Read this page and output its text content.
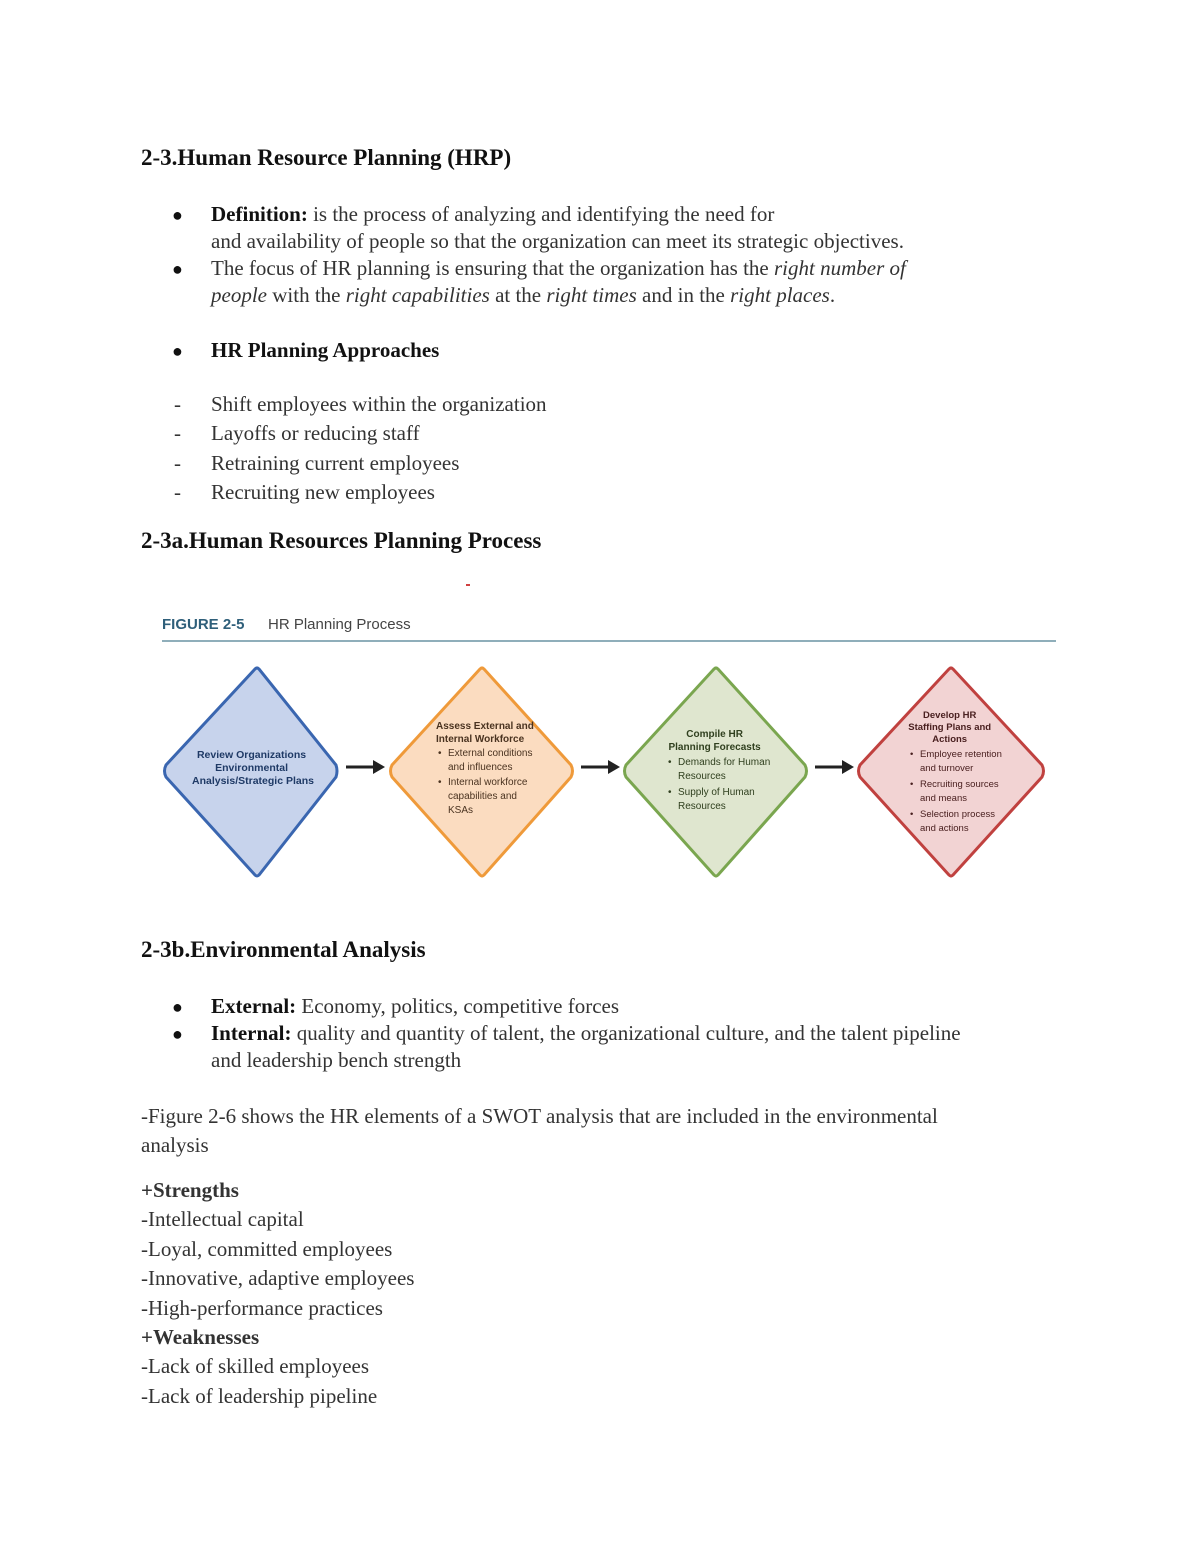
2-3.Human Resource Planning (HRP)
● Definition: is the process of analyzing and identifying the need for
and availability of people so that the organization can meet its strategic objectives.
● The focus of HR planning is ensuring that the organization has the right number of
people with the right capabilities at the right times and in the right places.
● HR Planning Approaches
- Shift employees within the organization
- Layoffs or reducing staff
- Retraining current employees
- Recruiting new employees
2-3a.Human Resources Planning Process
FIGURE 2-5 HR Planning Process
Review Organizations Environmental Analysis/Strategic Plans
Assess External and Internal Workforce • External conditions and influences • Internal workforce capabilities and KSAs
Compile HR Planning Forecasts • Demands for Human Resources • Supply of Human Resources
Develop HR Staffing Plans and Actions • Employee retention and turnover • Recruiting sources and means • Selection process and actions
2-3b.Environmental Analysis
● External: Economy, politics, competitive forces
● Internal: quality and quantity of talent, the organizational culture, and the talent pipeline
and leadership bench strength
-Figure 2-6 shows the HR elements of a SWOT analysis that are included in the environmental
analysis
+Strengths
-Intellectual capital
-Loyal, committed employees
-Innovative, adaptive employees
-High-performance practices
+Weaknesses
-Lack of skilled employees
-Lack of leadership pipeline
